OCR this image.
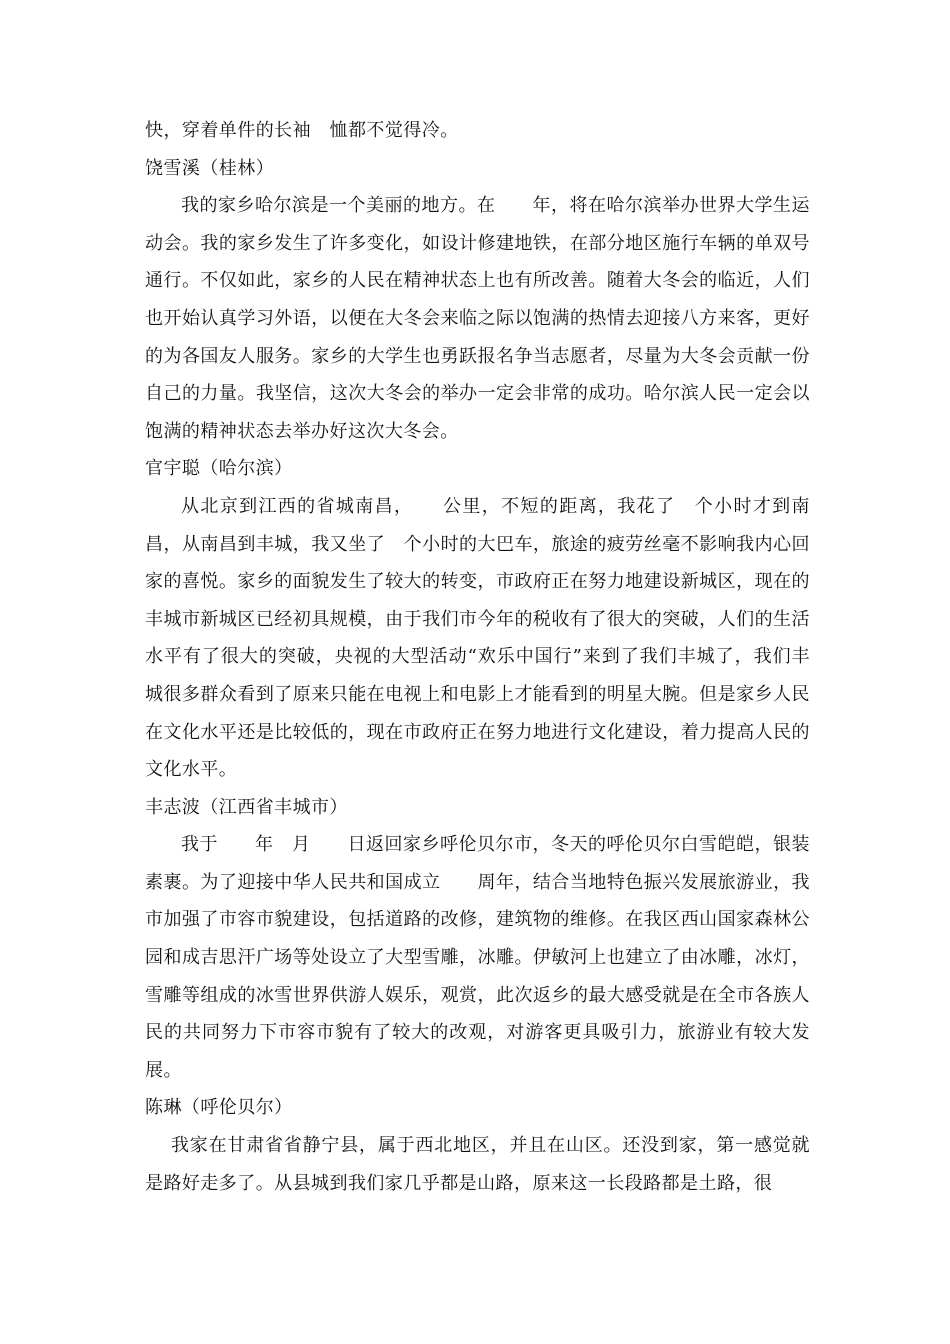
快，穿着单件的长袖　恤都不觉得冷。

饶雪溪（桂林）

我的家乡哈尔滨是一个美丽的地方。在　　年，将在哈尔滨举办世界大学生运动会。我的家乡发生了许多变化，如设计修建地铁，在部分地区施行车辆的单双号通行。不仅如此，家乡的人民在精神状态上也有所改善。随着大冬会的临近，人们也开始认真学习外语，以便在大冬会来临之际以饱满的热情去迎接八方来客，更好的为各国友人服务。家乡的大学生也勇跃报名争当志愿者，尽量为大冬会贡献一份自己的力量。我坚信，这次大冬会的举办一定会非常的成功。哈尔滨人民一定会以饱满的精神状态去举办好这次大冬会。

官宇聪（哈尔滨）

从北京到江西的省城南昌，　　公里，不短的距离，我花了　个小时才到南昌，从南昌到丰城，我又坐了　个小时的大巴车，旅途的疲劳丝毫不影响我内心回家的喜悦。家乡的面貌发生了较大的转变，市政府正在努力地建设新城区，现在的丰城市新城区已经初具规模，由于我们市今年的税收有了很大的突破，人们的生活水平有了很大的突破，央视的大型活动“欢乐中国行”来到了我们丰城了，我们丰城很多群众看到了原来只能在电视上和电影上才能看到的明星大腕。但是家乡人民在文化水平还是比较低的，现在市政府正在努力地进行文化建设，着力提高人民的文化水平。

丰志波（江西省丰城市）

我于　　年　月　　日返回家乡呼伦贝尔市，冬天的呼伦贝尔白雪皑皑，银装素裹。为了迎接中华人民共和国成立　　周年，结合当地特色振兴发展旅游业，我市加强了市容市貌建设，包括道路的改修，建筑物的维修。在我区西山国家森林公园和成吉思汗广场等处设立了大型雪雕，冰雕。伊敏河上也建立了由冰雕，冰灯，雪雕等组成的冰雪世界供游人娱乐，观赏，此次返乡的最大感受就是在全市各族人民的共同努力下市容市貌有了较大的改观，对游客更具吸引力，旅游业有较大发展。

陈琳（呼伦贝尔）

我家在甘肃省省静宁县，属于西北地区，并且在山区。还没到家，第一感觉就是路好走多了。从县城到我们家几乎都是山路，原来这一长段路都是土路，很
